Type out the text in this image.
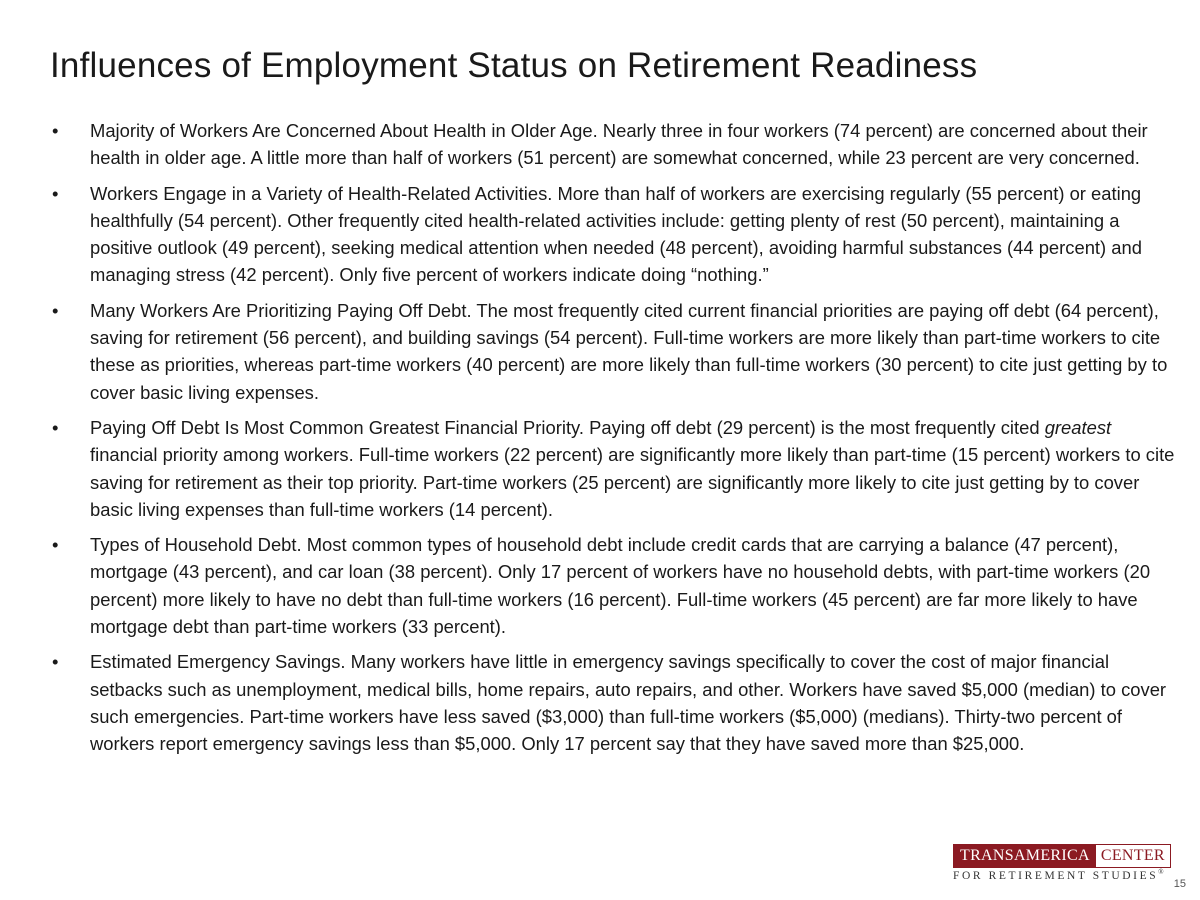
Influences of Employment Status on Retirement Readiness
• Majority of Workers Are Concerned About Health in Older Age. Nearly three in four workers (74 percent) are concerned about their health in older age. A little more than half of workers (51 percent) are somewhat concerned, while 23 percent are very concerned.
• Workers Engage in a Variety of Health-Related Activities. More than half of workers are exercising regularly (55 percent) or eating healthfully (54 percent). Other frequently cited health-related activities include: getting plenty of rest (50 percent), maintaining a positive outlook (49 percent), seeking medical attention when needed (48 percent), avoiding harmful substances (44 percent) and managing stress (42 percent). Only five percent of workers indicate doing “nothing.”
• Many Workers Are Prioritizing Paying Off Debt. The most frequently cited current financial priorities are paying off debt (64 percent), saving for retirement (56 percent), and building savings (54 percent). Full-time workers are more likely than part-time workers to cite these as priorities, whereas part-time workers (40 percent) are more likely than full-time workers (30 percent) to cite just getting by to cover basic living expenses.
• Paying Off Debt Is Most Common Greatest Financial Priority. Paying off debt (29 percent) is the most frequently cited greatest financial priority among workers. Full-time workers (22 percent) are significantly more likely than part-time (15 percent) workers to cite saving for retirement as their top priority. Part-time workers (25 percent) are significantly more likely to cite just getting by to cover basic living expenses than full-time workers (14 percent).
• Types of Household Debt. Most common types of household debt include credit cards that are carrying a balance (47 percent), mortgage (43 percent), and car loan (38 percent). Only 17 percent of workers have no household debts, with part-time workers (20 percent) more likely to have no debt than full-time workers (16 percent). Full-time workers (45 percent) are far more likely to have mortgage debt than part-time workers (33 percent).
• Estimated Emergency Savings. Many workers have little in emergency savings specifically to cover the cost of major financial setbacks such as unemployment, medical bills, home repairs, auto repairs, and other. Workers have saved $5,000 (median) to cover such emergencies. Part-time workers have less saved ($3,000) than full-time workers ($5,000) (medians). Thirty-two percent of workers report emergency savings less than $5,000. Only 17 percent say that they have saved more than $25,000.
TRANSAMERICA CENTER
FOR RETIREMENT STUDIES®
15
